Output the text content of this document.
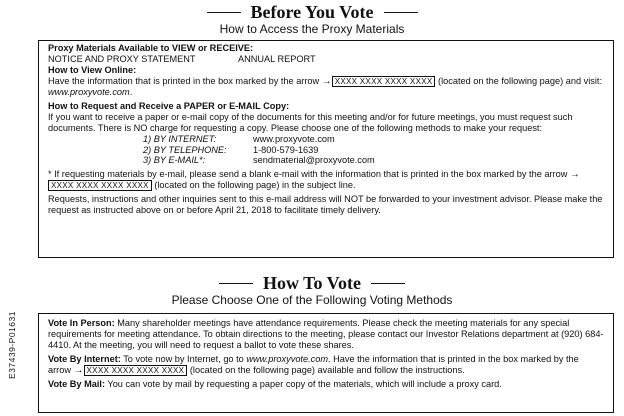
Before You Vote
How to Access the Proxy Materials

Proxy Materials Available to VIEW or RECEIVE:

NOTICE AND PROXY STATEMENT	ANNUAL REPORT

How to View Online:

Have the information that is printed in the box marked by the arrow → XXXX XXXX XXXX XXXX (located on the following page) and visit: www.proxyvote.com.

How to Request and Receive a PAPER or E-MAIL Copy:

If you want to receive a paper or e-mail copy of the documents for this meeting and/or for future meetings, you must request such documents. There is NO charge for requesting a copy. Please choose one of the following methods to make your request:

1) BY INTERNET:	www.proxyvote.com
2) BY TELEPHONE:	1-800-579-1639
3) BY E-MAIL*:	sendmaterial@proxyvote.com

* If requesting materials by e-mail, please send a blank e-mail with the information that is printed in the box marked by the arrow →XXXX XXXX XXXX XXXX (located on the following page) in the subject line.

Requests, instructions and other inquiries sent to this e-mail address will NOT be forwarded to your investment advisor. Please make the request as instructed above on or before April 21, 2018 to facilitate timely delivery.

How To Vote
Please Choose One of the Following Voting Methods

Vote In Person: Many shareholder meetings have attendance requirements. Please check the meeting materials for any special requirements for meeting attendance. To obtain directions to the meeting, please contact our Investor Relations department at (920) 684-4410. At the meeting, you will need to request a ballot to vote these shares.

Vote By Internet: To vote now by Internet, go to www.proxyvote.com. Have the information that is printed in the box marked by the arrow → XXXX XXXX XXXX XXXX (located on the following page) available and follow the instructions.

Vote By Mail: You can vote by mail by requesting a paper copy of the materials, which will include a proxy card.

E37439-P01631
